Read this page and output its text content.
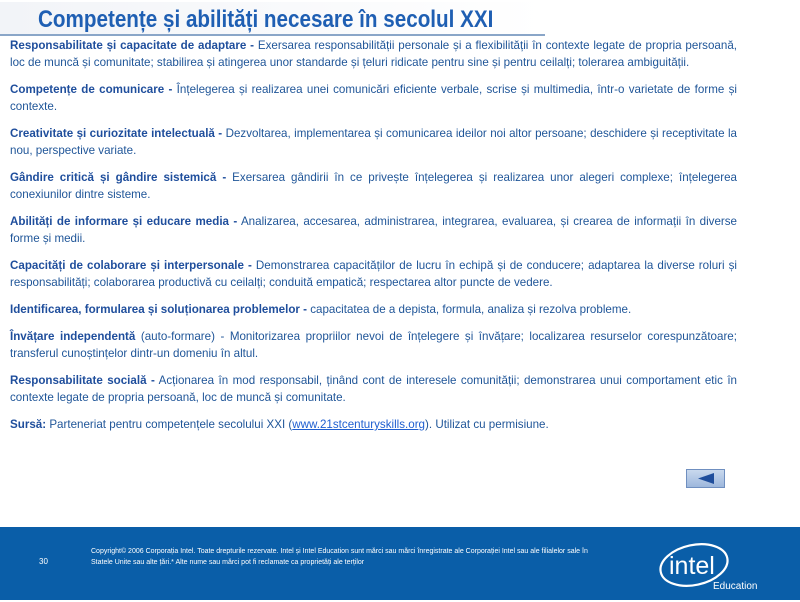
Competențe și abilități necesare în secolul XXI

Responsabilitate și capacitate de adaptare - Exersarea responsabilității personale și a flexibilității în contexte legate de propria persoană, loc de muncă și comunitate; stabilirea și atingerea unor standarde și țeluri ridicate pentru sine și pentru ceilalți; tolerarea ambiguității.

Competențe de comunicare - Înțelegerea și realizarea unei comunicări eficiente verbale, scrise și multimedia, într-o varietate de forme și contexte.

Creativitate și curiozitate intelectuală - Dezvoltarea, implementarea și comunicarea ideilor noi altor persoane; deschidere și receptivitate la nou, perspective variate.

Gândire critică și gândire sistemică - Exersarea gândirii în ce privește înțelegerea și realizarea unor alegeri complexe; înțelegerea conexiunilor dintre sisteme.

Abilități de informare și educare media - Analizarea, accesarea, administrarea, integrarea, evaluarea, și crearea de informații în diverse forme și medii.

Capacități de colaborare și interpersonale - Demonstrarea capacităților de lucru în echipă și de conducere; adaptarea la diverse roluri și responsabilități; colaborarea productivă cu ceilalți; conduită empatică; respectarea altor puncte de vedere.

Identificarea, formularea și soluționarea problemelor - capacitatea de a depista, formula, analiza și rezolva probleme.

Învățare independentă (auto-formare) - Monitorizarea propriilor nevoi de înțelegere și învățare; localizarea resurselor corespunzătoare; transferul cunoștințelor dintr-un domeniu în altul.

Responsabilitate socială - Acționarea în mod responsabil, ținând cont de interesele comunității; demonstrarea unui comportament etic în contexte legate de propria persoană, loc de muncă și comunitate.

Sursă: Parteneriat pentru competențele secolului XXI (www.21stcenturyskills.org). Utilizat cu permisiune.

30
Copyright© 2006 Corporația Intel. Toate drepturile rezervate. Intel și Intel Education sunt mărci sau mărci înregistrate ale Corporației Intel sau ale filialelor sale în Statele Unite sau alte țări.* Alte nume sau mărci pot fi reclamate ca proprietăți ale terților	intel
Education
